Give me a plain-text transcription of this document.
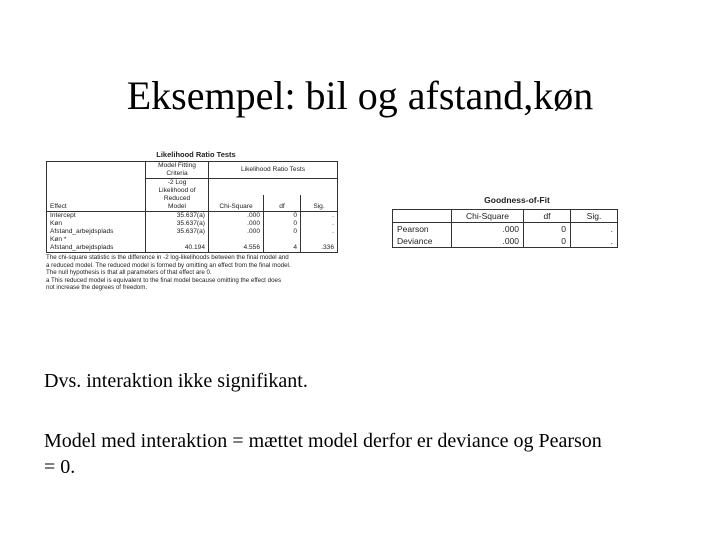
Eksempel: bil og afstand,køn
Likelihood Ratio Tests
Effect	Model Fitting
Criteria	Likelihood Ratio Tests		

	-2 Log
Likelihood of
Reduced
Model			

		Chi-Square	df	Sig.
Intercept	35.637(a)	.000	0	.
Køn	35.637(a)	.000	0	.
Afstand_arbejdsplads	35.637(a)	.000	0	.
Køn *				
Afstand_arbejdsplads	40.194	4.556	4	.336
The chi-square statistic is the difference in -2 log-likelihoods between the final model and
a reduced model. The reduced model is formed by omitting an effect from the final model.
The null hypothesis is that all parameters of that effect are 0.
a This reduced model is equivalent to the final model because omitting the effect does
not increase the degrees of freedom.
Goodness-of-Fit
	Chi-Square	df	Sig.
Pearson	.000	0	.
Deviance	.000	0	.
Dvs. interaktion ikke signifikant.
Model med interaktion = mættet model derfor er deviance og Pearson
= 0.
